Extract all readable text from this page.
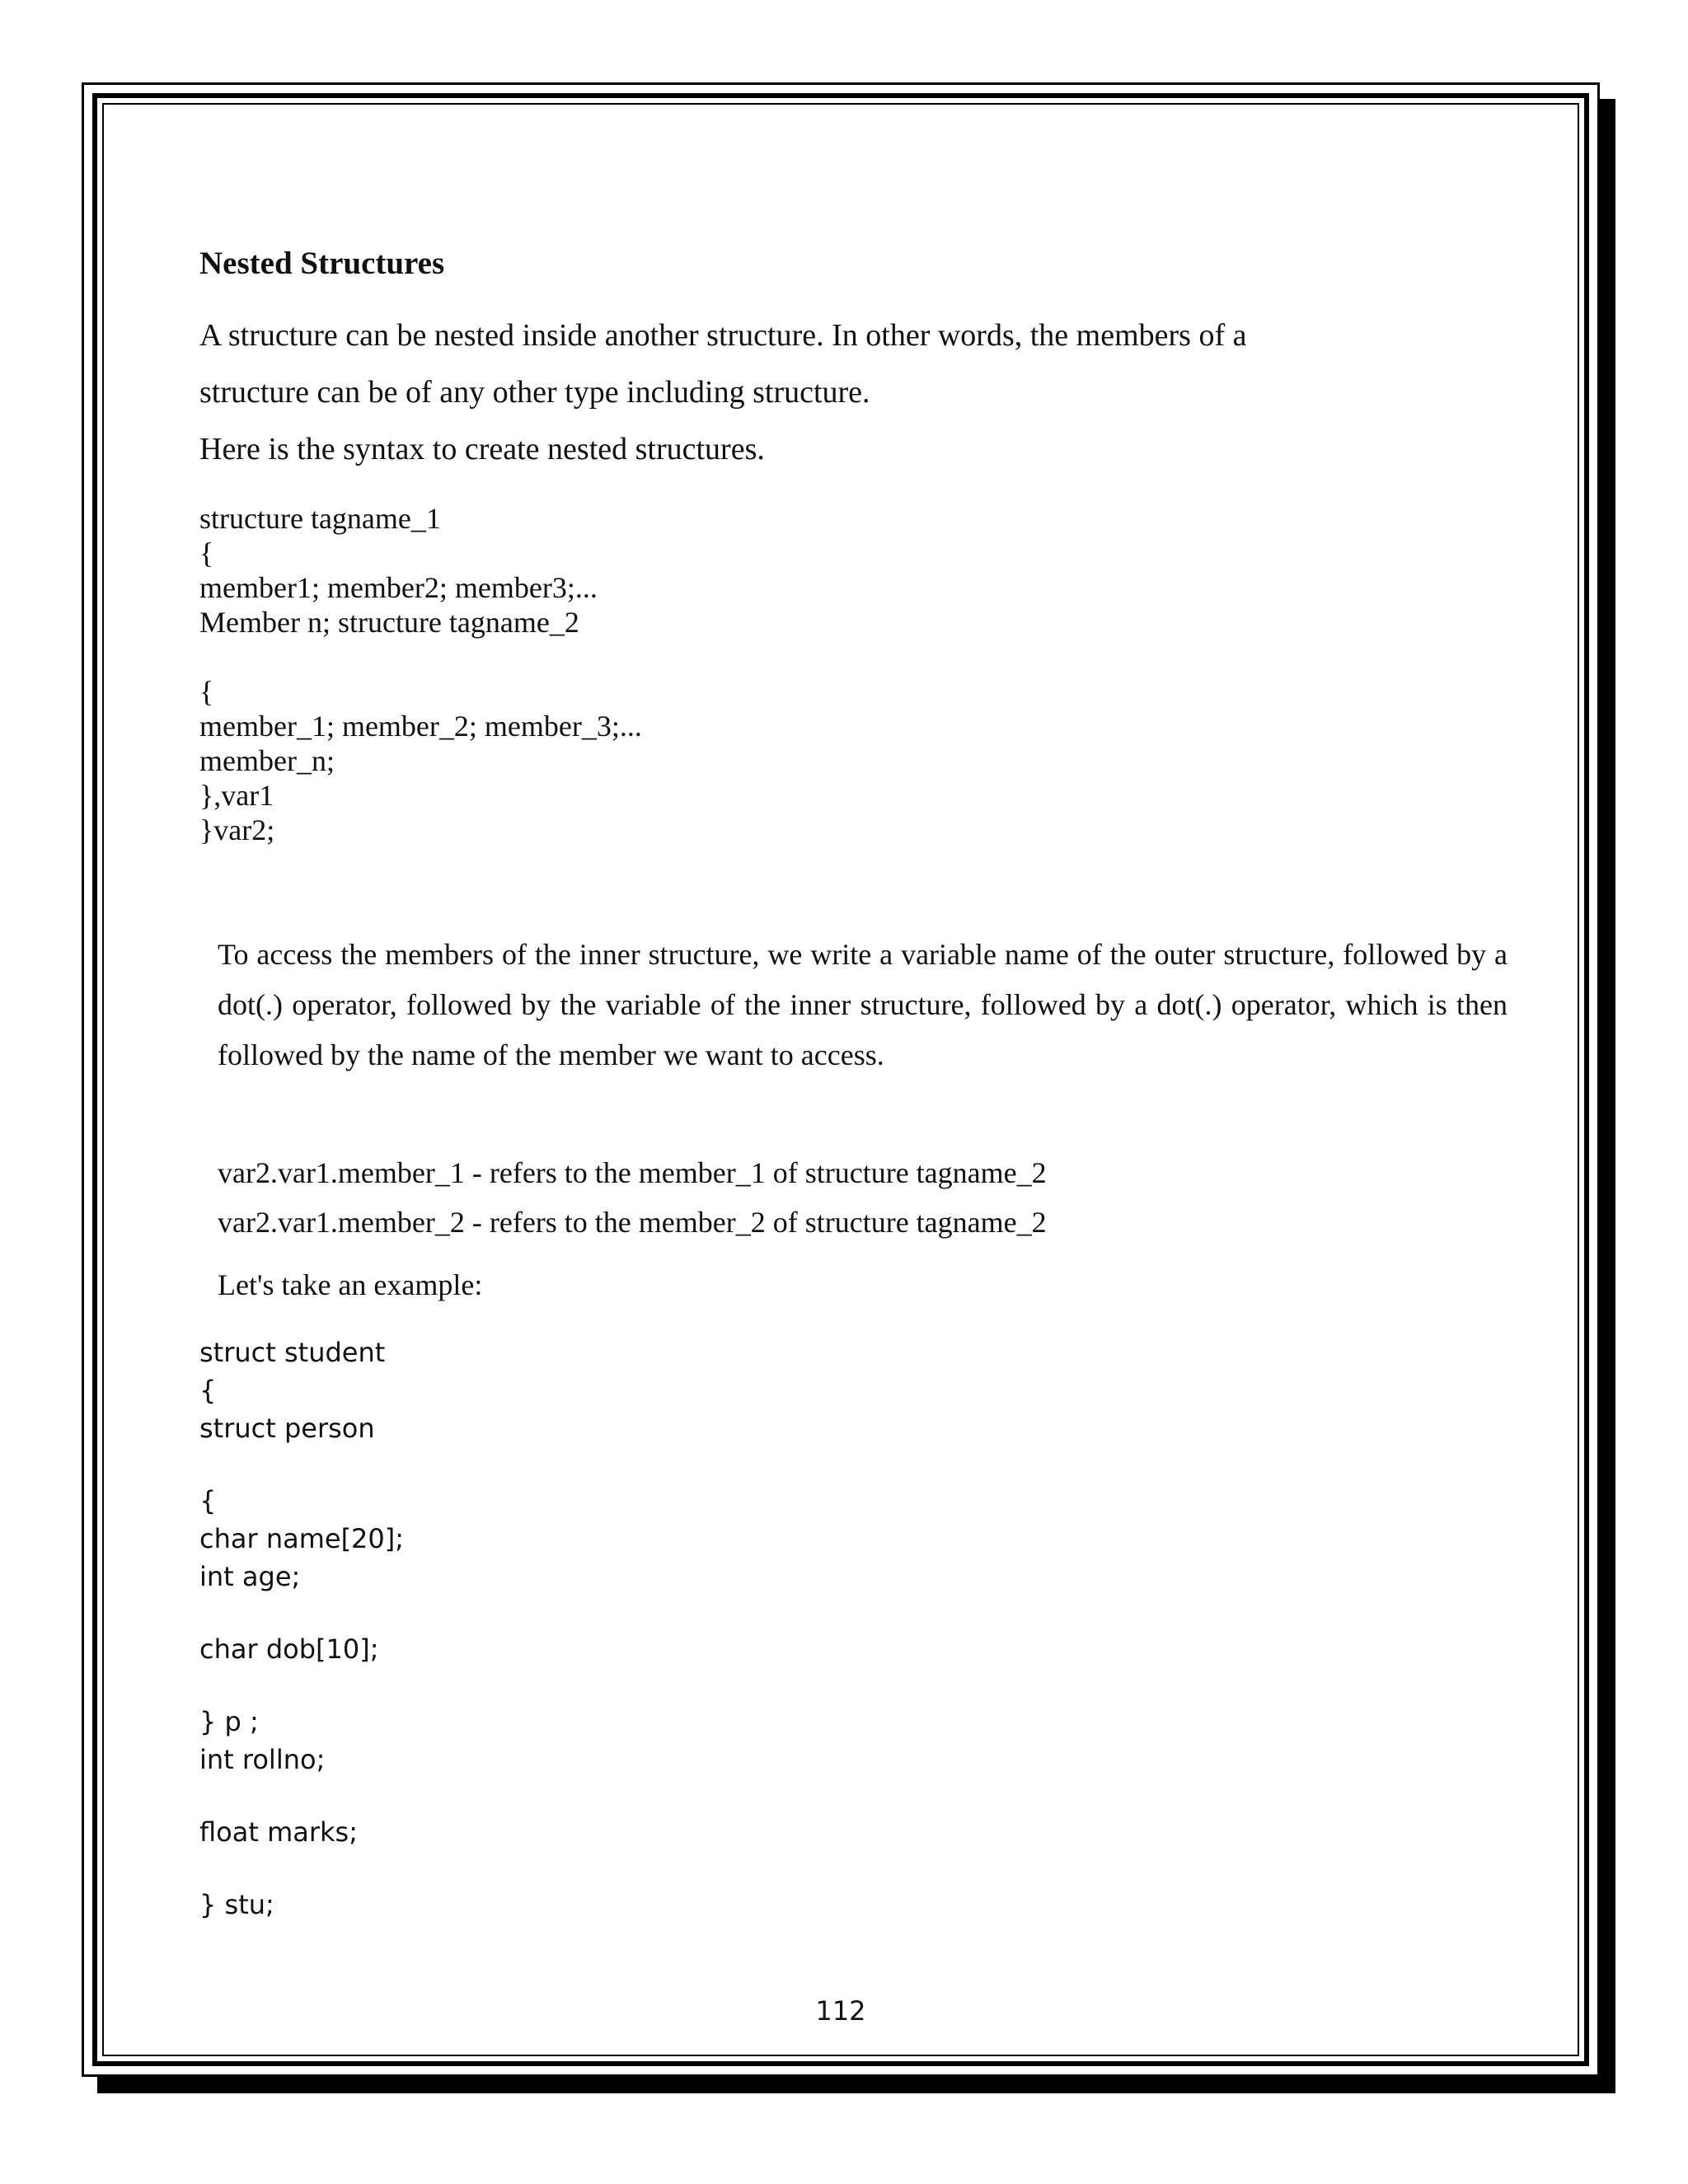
Nested Structures

A structure can be nested inside another structure. In other words, the members of a

structure can be of any other type including structure.

Here is the syntax to create nested structures.

structure tagname_1
{
member1; member2; member3;...
Member n; structure tagname_2
{
member_1; member_2; member_3;...
member_n;
},var1
}var2;

To access the members of the inner structure, we write a variable name of the outer structure, followed by a dot(.) operator, followed by the variable of the inner structure, followed by a dot(.) operator, which is then followed by the name of the member we want to access.

var2.var1.member_1 - refers to the member_1 of structure tagname_2
var2.var1.member_2 - refers to the member_2 of structure tagname_2
Let's take an example:
struct student
{
struct person
{
char name[20];
int age;
char dob[10];
} p ;
int rollno;
float marks;
} stu;
112
